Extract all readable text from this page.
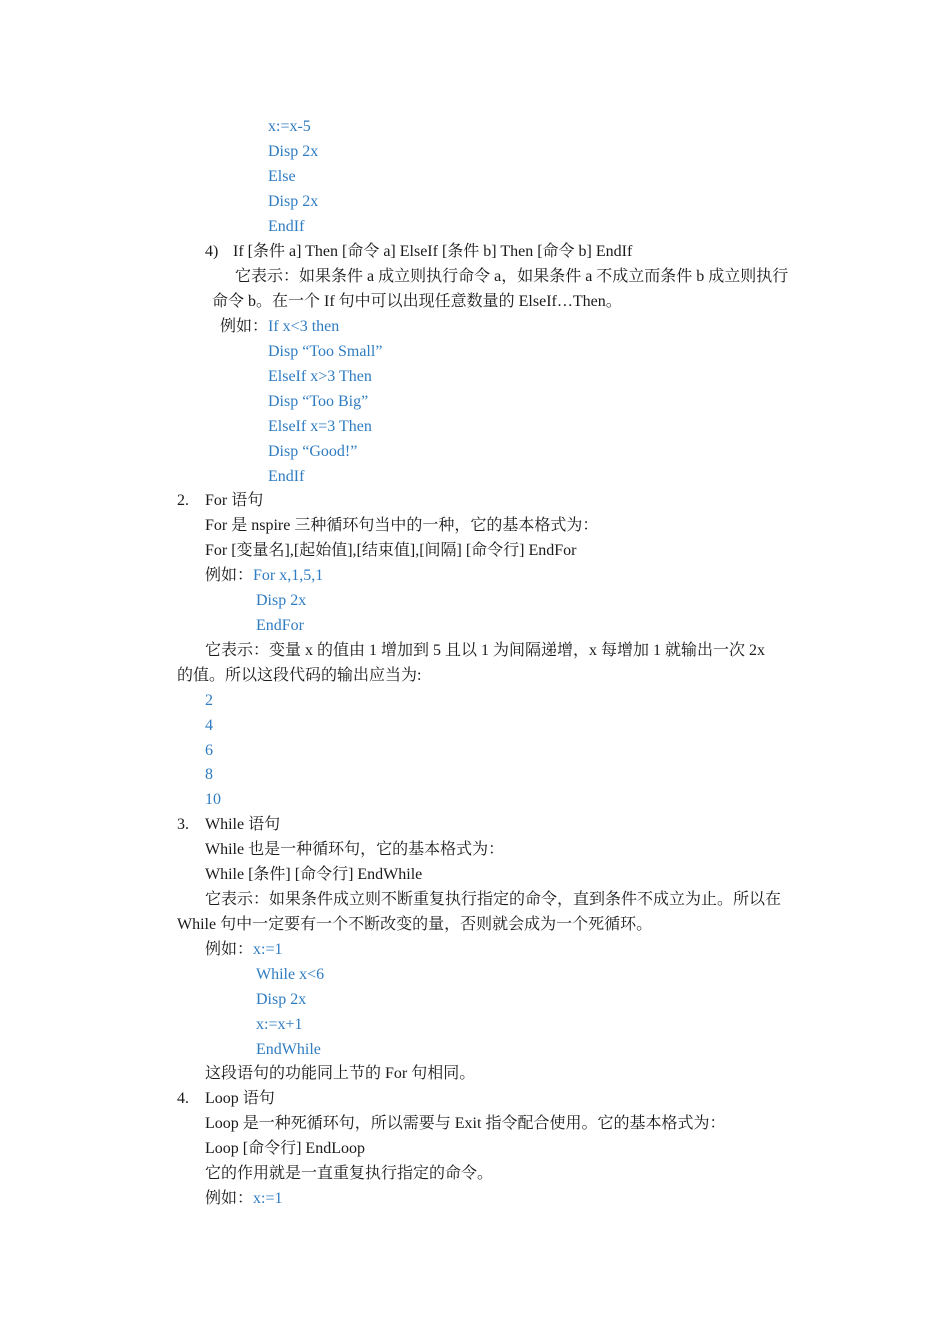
x:=x-5
Disp 2x
Else
Disp 2x
EndIf
4) If [条件 a] Then [命令 a] ElseIf [条件 b] Then [命令 b] EndIf
它表示：如果条件 a 成立则执行命令 a，如果条件 a 不成立而条件 b 成立则执行
命令 b。在一个 If 句中可以出现任意数量的 ElseIf…Then。
例如：If x<3 then
Disp “Too Small”
ElseIf x>3 Then
Disp “Too Big”
ElseIf x=3 Then
Disp “Good!”
EndIf
2. For 语句
For 是 nspire 三种循环句当中的一种，它的基本格式为：
For [变量名],[起始值],[结束值],[间隔] [命令行] EndFor
例如：For x,1,5,1
Disp 2x
EndFor
它表示：变量 x 的值由 1 增加到 5 且以 1 为间隔递增，x 每增加 1 就输出一次 2x
的值。所以这段代码的输出应当为:
2
4
6
8
10
3. While 语句
While 也是一种循环句，它的基本格式为：
While [条件] [命令行] EndWhile
它表示：如果条件成立则不断重复执行指定的命令，直到条件不成立为止。所以在
While 句中一定要有一个不断改变的量，否则就会成为一个死循环。
例如：x:=1
While x<6
Disp 2x
x:=x+1
EndWhile
这段语句的功能同上节的 For 句相同。
4. Loop 语句
Loop 是一种死循环句，所以需要与 Exit 指令配合使用。它的基本格式为：
Loop [命令行] EndLoop
它的作用就是一直重复执行指定的命令。
例如：x:=1
